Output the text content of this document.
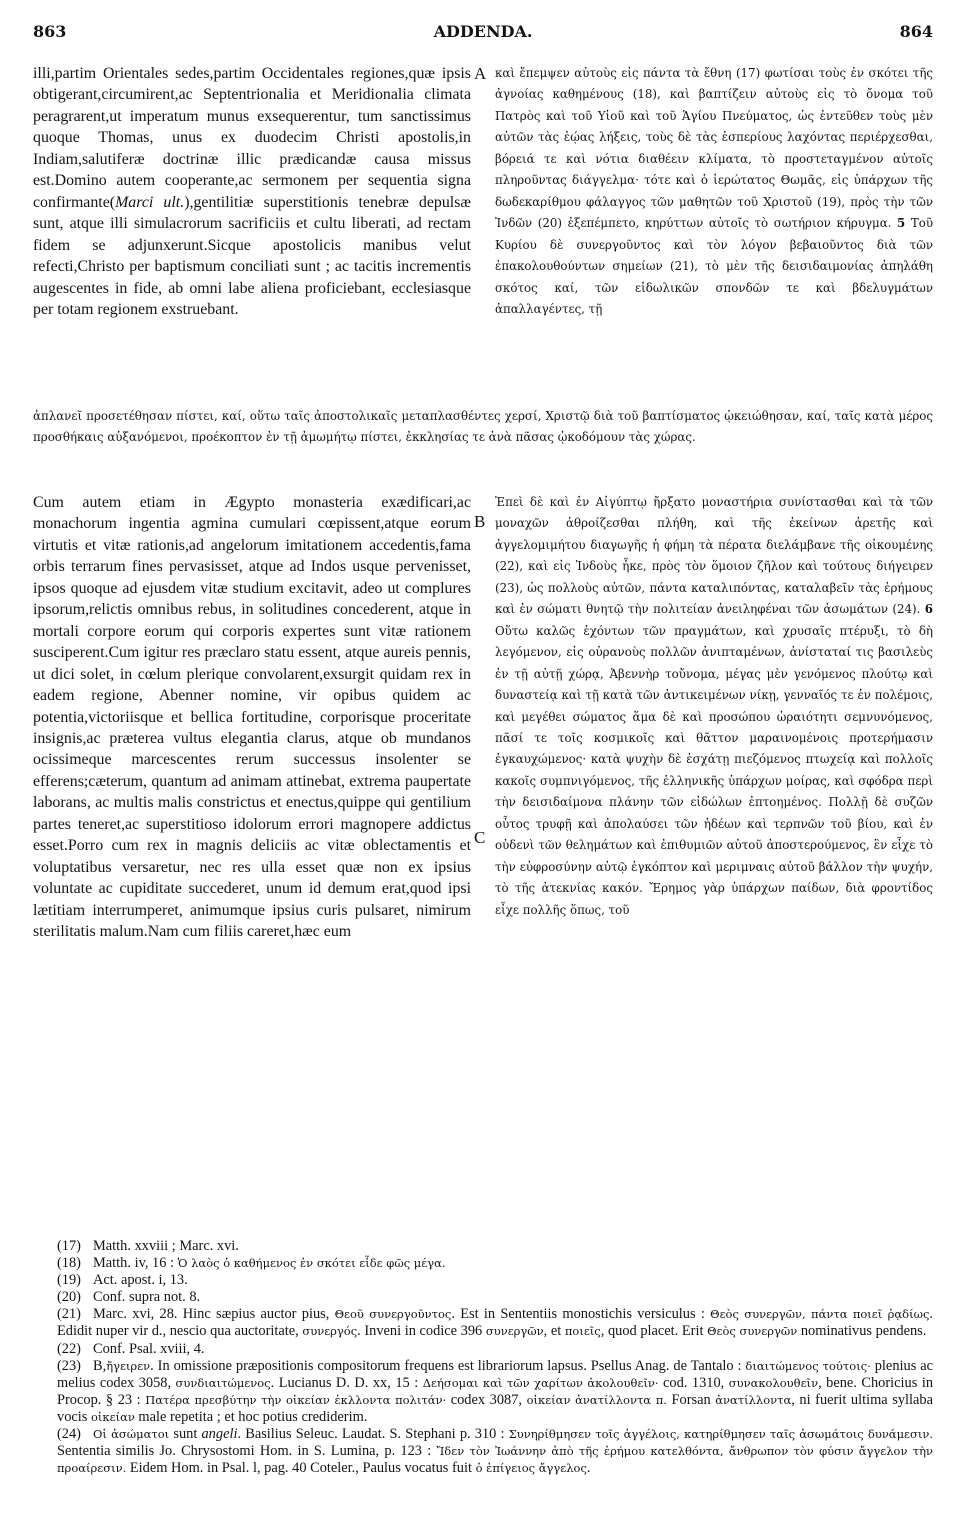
863	ADDENDA.	864
A
B
C
illi,partim Orientales sedes,partim Occidentales regiones,quæ ipsis obtigerant,circumirent,ac Septentrionalia et Meridionalia climata peragrarent,ut imperatum munus exsequerentur, tum sanctissimus quoque Thomas, unus ex duodecim Christi apostolis,in Indiam,salutiferæ doctrinæ illic prædicandæ causa missus est.Domino autem cooperante,ac sermonem per sequentia signa confirmante(Marci ult.),gentilitiæ superstitionis tenebræ depulsæ sunt, atque illi simulacrorum sacrificiis et cultu liberati, ad rectam fidem se adjunxerunt.Sicque apostolicis manibus velut refecti,Christo per baptismum conciliati sunt ; ac tacitis incrementis augescentes in fide, ab omni labe aliena proficiebant, ecclesiasque per totam regionem exstruebant.
καὶ ἔπεμψεν αὐτοὺς εἰς πάντα τὰ ἔθνη (17) φωτίσαι τοὺς ἐν σκότει τῆς ἀγνοίας καθημένους (18), καὶ βαπτίζειν αὐτοὺς εἰς τὸ ὄνομα τοῦ Πατρὸς καὶ τοῦ Υἱοῦ καὶ τοῦ Ἁγίου Πνεύματος, ὡς ἐντεῦθεν τοὺς μὲν αὐτῶν τὰς ἑῴας λήξεις, τοὺς δὲ τὰς ἑσπερίους λαχόντας περιέρχεσθαι, βόρειά τε καὶ νότια διαθέειν κλίματα, τὸ προστεταγμένον αὐτοῖς πληροῦντας διάγγελμα· τότε καὶ ὁ ἱερώτατος Θωμᾶς, εἰς ὑπάρχων τῆς δωδεκαρίθμου φάλαγγος τῶν μαθητῶν τοῦ Χριστοῦ (19), πρὸς τὴν τῶν Ἰνδῶν (20) ἐξεπέμπετο, κηρύττων αὐτοῖς τὸ σωτήριον κήρυγμα. 5 Τοῦ Κυρίου δὲ συνεργοῦντος καὶ τὸν λόγον βεβαιοῦντος διὰ τῶν ἐπακολουθούντων σημείων (21), τὸ μὲν τῆς δεισιδαιμονίας ἀπηλάθη σκότος καί, τῶν εἰδωλικῶν σπονδῶν τε καὶ βδελυγμάτων ἀπαλλαγέντες, τῇ
ἀπλανεῖ προσετέθησαν πίστει, καί, οὕτω ταῖς ἀποστολικαῖς μεταπλασθέντες χερσί, Χριστῷ διὰ τοῦ βαπτίσματος ᾠκειώθησαν, καί, ταῖς κατὰ μέρος προσθήκαις αὐξανόμενοι, προέκοπτον ἐν τῇ ἀμωμήτῳ πίστει, ἐκκλησίας τε ἀνὰ πᾶσας ᾠκοδόμουν τὰς χώρας.
Cum autem etiam in Ægypto monasteria exædificari,ac monachorum ingentia agmina cumulari cœpissent,atque eorum virtutis et vitæ rationis,ad angelorum imitationem accedentis,fama orbis terrarum fines pervasisset, atque ad Indos usque pervenisset, ipsos quoque ad ejusdem vitæ studium excitavit, adeo ut complures ipsorum,relictis omnibus rebus, in solitudines concederent, atque in mortali corpore eorum qui corporis expertes sunt vitæ rationem susciperent.Cum igitur res præclaro statu essent, atque aureis pennis, ut dici solet, in cœlum plerique convolarent,exsurgit quidam rex in eadem regione, Abenner nomine, vir opibus quidem ac potentia,victoriisque et bellica fortitudine, corporisque proceritate insignis,ac præterea vultus elegantia clarus, atque ob mundanos ocissimeque marcescentes rerum successus insolenter se efferens;cæterum, quantum ad animam attinebat, extrema paupertate laborans, ac multis malis constrictus et enectus,quippe qui gentilium partes teneret,ac superstitioso idolorum errori magnopere addictus esset.Porro cum rex in magnis deliciis ac vitæ oblectamentis et voluptatibus versaretur, nec res ulla esset quæ non ex ipsius voluntate ac cupiditate succederet, unum id demum erat,quod ipsi lætitiam interrumperet, animumque ipsius curis pulsaret, nimirum sterilitatis malum.Nam cum filiis careret,hæc eum
Ἐπεὶ δὲ καὶ ἐν Αἰγύπτῳ ἤρξατο μοναστήρια συνίστασθαι καὶ τὰ τῶν μοναχῶν ἀθροίζεσθαι πλήθη, καὶ τῆς ἐκείνων ἀρετῆς καὶ ἀγγελομιμήτου διαγωγῆς ἡ φήμη τὰ πέρατα διελάμβανε τῆς οἰκουμένης (22), καὶ εἰς Ἰνδοὺς ἧκε, πρὸς τὸν ὅμοιον ζῆλον καὶ τούτους διήγειρεν (23), ὡς πολλοὺς αὐτῶν, πάντα καταλιπόντας, καταλαβεῖν τὰς ἐρήμους καὶ ἐν σώματι θνητῷ τὴν πολιτείαν ἀνειληφέναι τῶν ἀσωμάτων (24). 6 Οὕτω καλῶς ἐχόντων τῶν πραγμάτων, καὶ χρυσαῖς πτέρυξι, τὸ δὴ λεγόμενον, εἰς οὐρανοὺς πολλῶν ἀνιπταμένων, ἀνίσταταί τις βασιλεὺς ἐν τῇ αὐτῇ χώρᾳ, Ἀβεννὴρ τοὔνομα, μέγας μὲν γενόμενος πλούτῳ καὶ δυναστείᾳ καὶ τῇ κατὰ τῶν ἀντικειμένων νίκῃ, γενναῖός τε ἐν πολέμοις, καὶ μεγέθει σώματος ἅμα δὲ καὶ προσώπου ὡραιότητι σεμνυνόμενος, πᾶσί τε τοῖς κοσμικοῖς καὶ θᾶττον μαραινομένοις προτερήμασιν ἐγκαυχώμενος· κατὰ ψυχὴν δὲ ἐσχάτῃ πιεζόμενος πτωχείᾳ καὶ πολλοῖς κακοῖς συμπνιγόμενος, τῆς ἑλληνικῆς ὑπάρχων μοίρας, καὶ σφόδρα περὶ τὴν δεισιδαίμονα πλάνην τῶν εἰδώλων ἐπτοημένος. Πολλῇ δὲ συζῶν οὗτος τρυφῇ καὶ ἀπολαύσει τῶν ἡδέων καὶ τερπνῶν τοῦ βίου, καὶ ἐν οὐδενὶ τῶν θελημάτων καὶ ἐπιθυμιῶν αὐτοῦ ἀποστερούμενος, ἓν εἶχε τὸ τὴν εὐφροσύνην αὐτῷ ἐγκόπτον καὶ μεριμναις αὐτοῦ βάλλον τὴν ψυχήν, τὸ τῆς ἀτεκνίας κακόν. Ἔρημος γὰρ ὑπάρχων παίδων, διὰ φροντίδος εἶχε πολλῆς ὅπως, τοῦ

(17) Matth. xxviii ; Marc. xvi.

(18) Matth. iv, 16 : Ὁ λαὸς ὁ καθήμενος ἐν σκότει εἶδε φῶς μέγα.

(19) Act. apost. i, 13.

(20) Conf. supra not. 8.

(21) Marc. xvi, 28. Hinc sæpius auctor pius, Θεοῦ συνεργοῦντος. Est in Sententiis monostichis versiculus : Θεὸς συνεργῶν, πάντα ποιεῖ ῥᾳδίως. Edidit nuper vir d., nescio qua auctoritate, συνεργός. Inveni in codice 396 συνεργῶν, et ποιεῖς, quod placet. Erit Θεὸς συνεργῶν nominativus pendens.

(22) Conf. Psal. xviii, 4.

(23) B,ἤγειρεν. In omissione præpositionis compositorum frequens est librariorum lapsus. Psellus Anag. de Tantalo : διαιτώμενος τούτοις· plenius ac melius codex 3058, συνδιαιτώμενος. Lucianus D. D. xx, 15 : Δεήσομαι καὶ τῶν χαρίτων ἀκολουθεῖν· cod. 1310, συνακολουθεῖν, bene. Choricius in Procop. § 23 : Πατέρα πρεσβύτην τὴν οἰκείαν ἐκλλοντα πολιτάν· codex 3087, οἰκείαν ἀνατίλλοντα π. Forsan ἀνατίλλοντα, ni fuerit ultima syllaba vocis οἰκείαν male repetita ; et hoc potius crediderim.

(24) Οἱ ἀσώματοι sunt angeli. Basilius Seleuc. Laudat. S. Stephani p. 310 : Συνηρίθμησεν τοῖς ἀγγέλοις, κατηρίθμησεν ταῖς ἀσωμάτοις δυνάμεσιν. Sententia similis Jo. Chrysostomi Hom. in S. Lumina, p. 123 : Ἴδεν τὸν Ἰωάννην ἀπὸ τῆς ἐρήμου κατελθόντα, ἄνθρωπον τὸν φύσιν ἄγγελον τὴν προαίρεσιν. Eidem Hom. in Psal. l, pag. 40 Coteler., Paulus vocatus fuit ὁ ἐπίγειος ἄγγελος.
